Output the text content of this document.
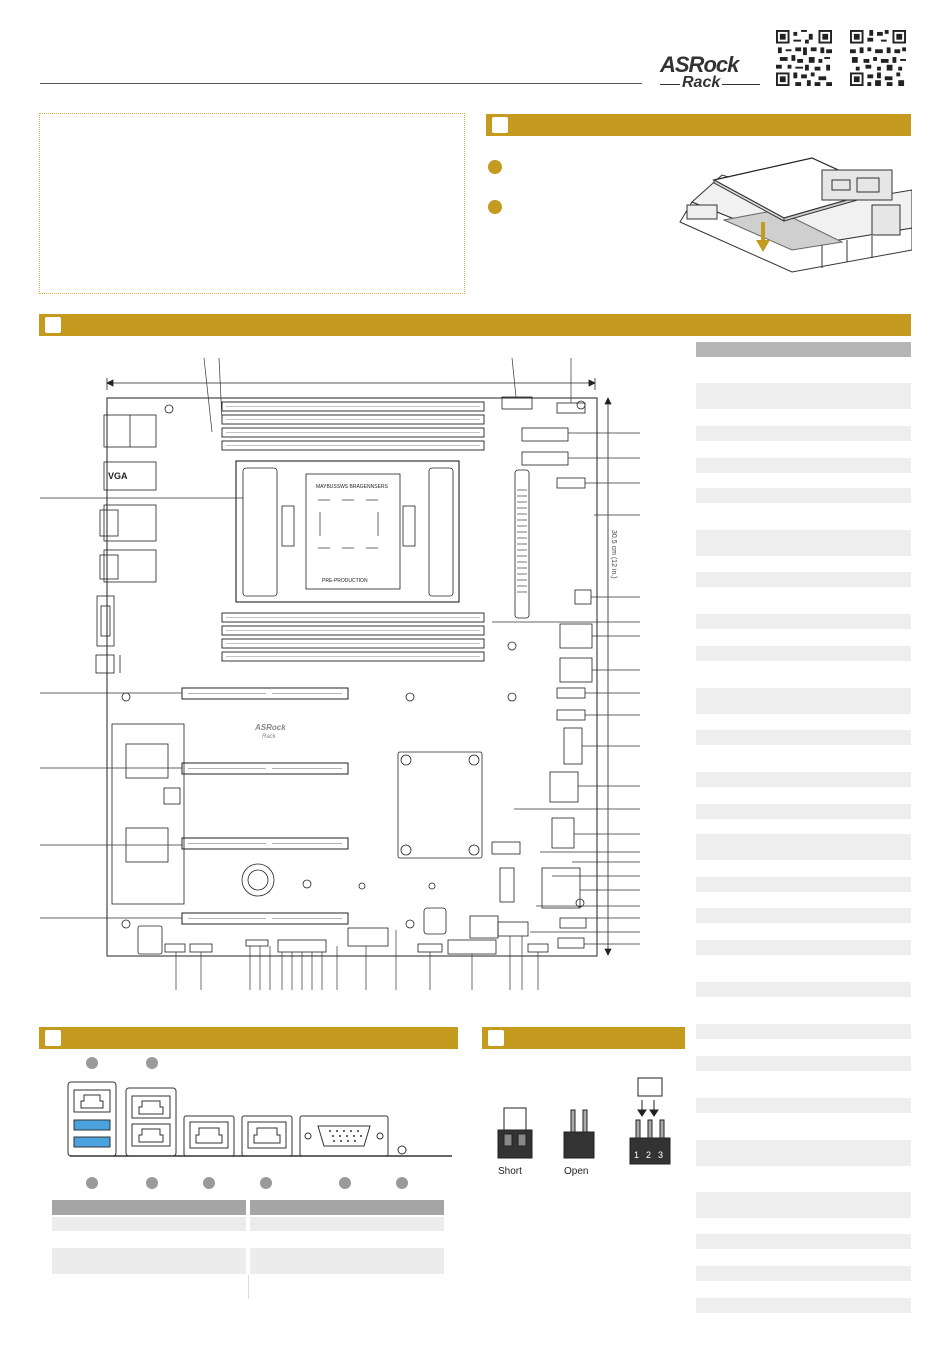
ASRock
Rack
ASRock
Rack
VGA
MAYBUSSWS BRAGENNSERS
PRE-PRODUCTION
30.5 cm (12 in.)
Short	Open
1 2 3
